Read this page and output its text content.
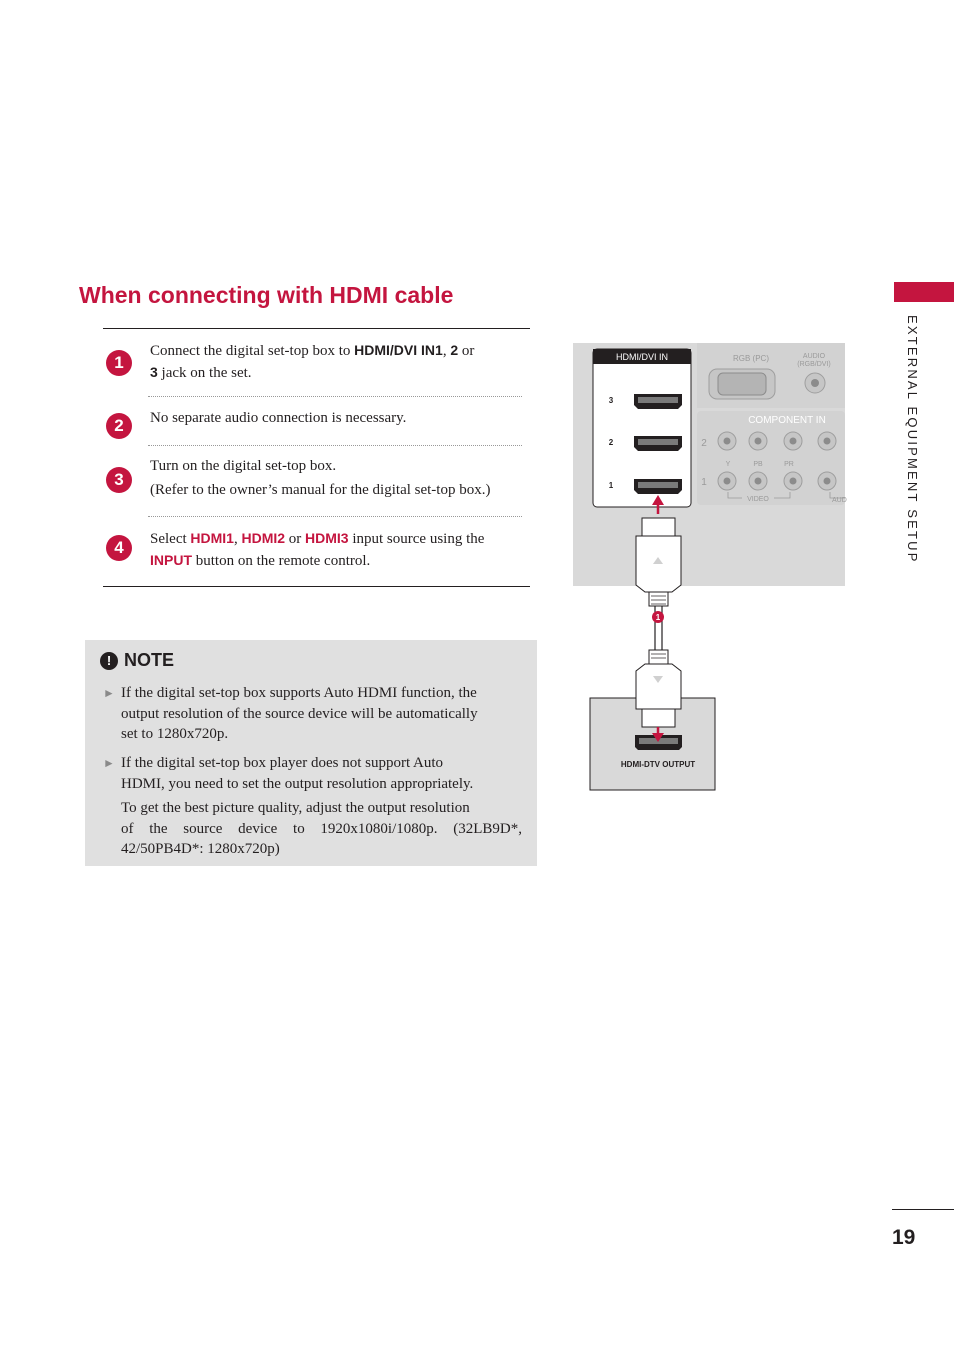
EXTERNAL EQUIPMENT SETUP
When connecting with HDMI cable
1
Connect the digital set-top box to HDMI/DVI IN1, 2 or
3 jack on the set.
2	No separate audio connection is necessary.
3
Turn on the digital set-top box.
(Refer to the owner’s manual for the digital set-top box.)
4	Select HDMI1, HDMI2 or HDMI3 input source using the
INPUT button on the remote control.
! NOTE
► If the digital set-top box supports Auto HDMI function, the
output resolution of the source device will be automatically
set to 1280x720p.
► If the digital set-top box player does not support Auto
HDMI, you need to set the output resolution appropriately.
To get the best picture quality, adjust the output resolution
of the source device to 1920x1080i/1080p. (32LB9D*,
42/50PB4D*: 1280x720p)
RGB (PC)	AUDIO
(RGB/DVI)
COMPONENT IN
2
1
Y	PB	PR
VIDEO	AUD
HDMI/DVI IN
3
2
1
1
HDMI-DTV OUTPUT
19
